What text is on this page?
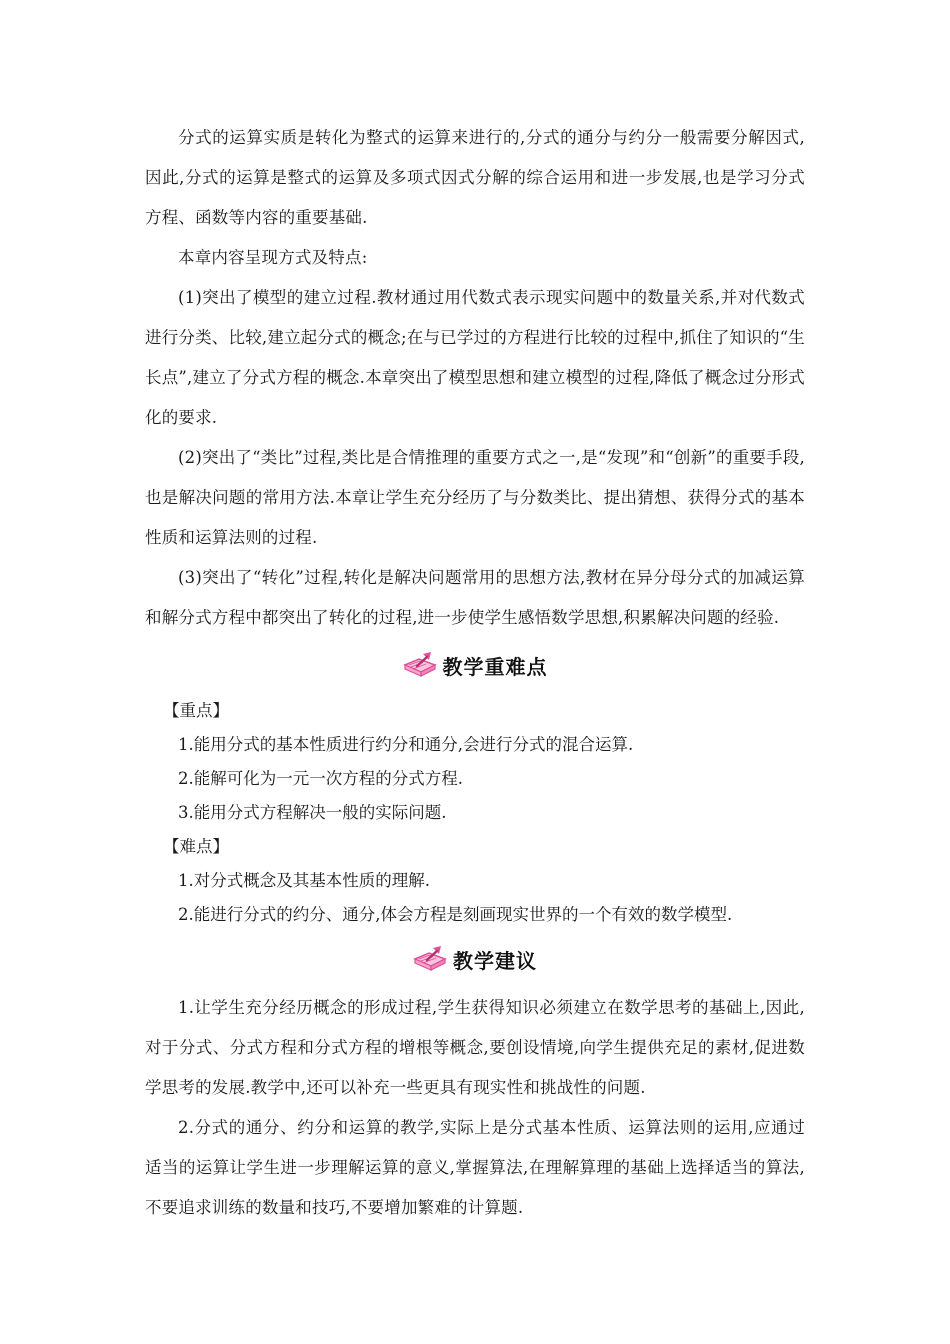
分式的运算实质是转化为整式的运算来进行的,分式的通分与约分一般需要分解因式,因此,分式的运算是整式的运算及多项式因式分解的综合运用和进一步发展,也是学习分式方程、函数等内容的重要基础.

本章内容呈现方式及特点:

(1)突出了模型的建立过程.教材通过用代数式表示现实问题中的数量关系,并对代数式进行分类、比较,建立起分式的概念;在与已学过的方程进行比较的过程中,抓住了知识的“生长点”,建立了分式方程的概念.本章突出了模型思想和建立模型的过程,降低了概念过分形式化的要求.

(2)突出了“类比”过程,类比是合情推理的重要方式之一,是“发现”和“创新”的重要手段,也是解决问题的常用方法.本章让学生充分经历了与分数类比、提出猜想、获得分式的基本性质和运算法则的过程.

(3)突出了“转化”过程,转化是解决问题常用的思想方法,教材在异分母分式的加减运算和解分式方程中都突出了转化的过程,进一步使学生感悟数学思想,积累解决问题的经验.

教学重难点

【重点】

1.能用分式的基本性质进行约分和通分,会进行分式的混合运算.

2.能解可化为一元一次方程的分式方程.

3.能用分式方程解决一般的实际问题.

【难点】

1.对分式概念及其基本性质的理解.

2.能进行分式的约分、通分,体会方程是刻画现实世界的一个有效的数学模型.

教学建议

1.让学生充分经历概念的形成过程,学生获得知识必须建立在数学思考的基础上,因此,对于分式、分式方程和分式方程的增根等概念,要创设情境,向学生提供充足的素材,促进数学思考的发展.教学中,还可以补充一些更具有现实性和挑战性的问题.

2.分式的通分、约分和运算的教学,实际上是分式基本性质、运算法则的运用,应通过适当的运算让学生进一步理解运算的意义,掌握算法,在理解算理的基础上选择适当的算法,不要追求训练的数量和技巧,不要增加繁难的计算题.
